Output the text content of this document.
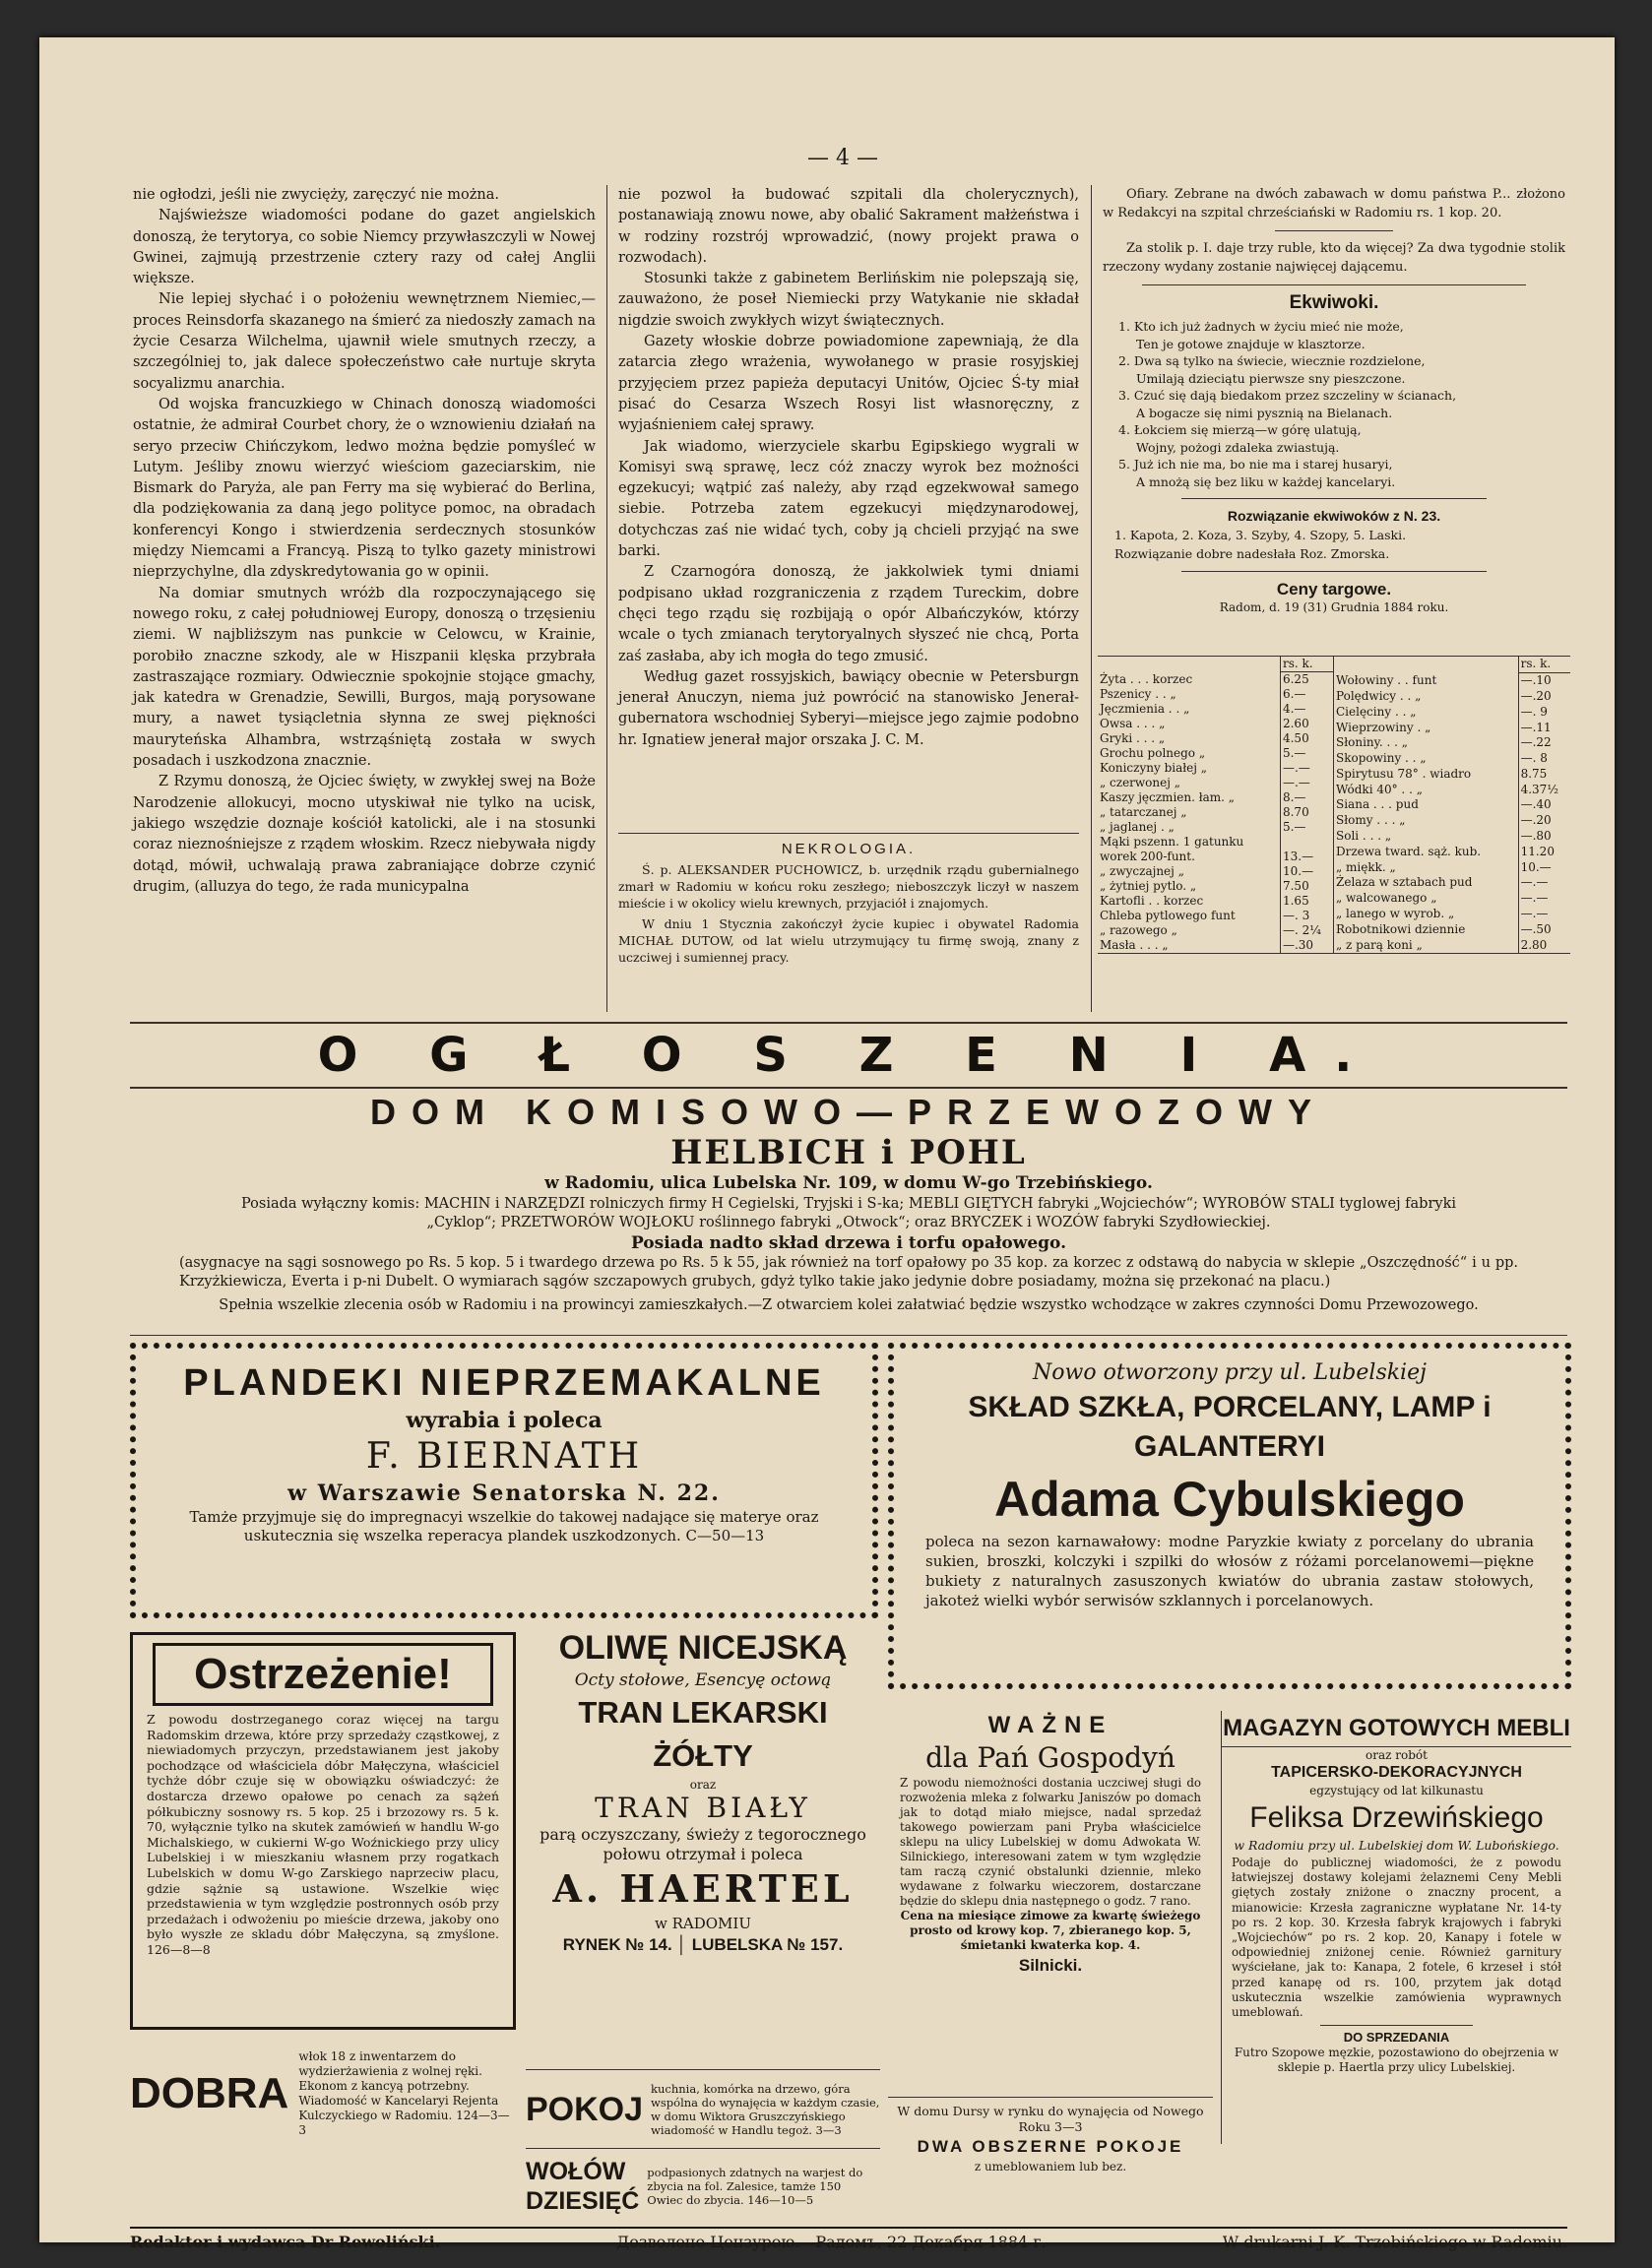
— 4 —

nie ogłodzi, jeśli nie zwycięży, zaręczyć nie można.

Najświeższe wiadomości podane do gazet angielskich donoszą, że terytorya, co sobie Niemcy przywłaszczyli w Nowej Gwinei, zajmują przestrzenie cztery razy od całej Anglii większe.

Nie lepiej słychać i o położeniu wewnętrznem Niemiec,—proces Reinsdorfa skazanego na śmierć za niedoszły zamach na życie Cesarza Wilchelma, ujawnił wiele smutnych rzeczy, a szczególniej to, jak dalece społeczeństwo całe nurtuje skryta socyalizmu anarchia.

Od wojska francuzkiego w Chinach donoszą wiadomości ostatnie, że admirał Courbet chory, że o wznowieniu działań na seryo przeciw Chińczykom, ledwo można będzie pomyśleć w Lutym. Jeśliby znowu wierzyć wieściom gazeciarskim, nie Bismark do Paryża, ale pan Ferry ma się wybierać do Berlina, dla podziękowania za daną jego polityce pomoc, na obradach konferencyi Kongo i stwierdzenia serdecznych stosunków między Niemcami a Francyą. Piszą to tylko gazety ministrowi nieprzychylne, dla zdyskredytowania go w opinii.

Na domiar smutnych wróżb dla rozpoczynającego się nowego roku, z całej południowej Europy, donoszą o trzęsieniu ziemi. W najbliższym nas punkcie w Celowcu, w Krainie, porobiło znaczne szkody, ale w Hiszpanii klęska przybrała zastraszające rozmiary. Odwiecznie spokojnie stojące gmachy, jak katedra w Grenadzie, Sewilli, Burgos, mają porysowane mury, a nawet tysiącletnia słynna ze swej piękności mauryteńska Alhambra, wstrząśniętą została w swych posadach i uszkodzona znacznie.

Z Rzymu donoszą, że Ojciec święty, w zwykłej swej na Boże Narodzenie allokucyi, mocno utyskiwał nie tylko na ucisk, jakiego wszędzie doznaje kościół katolicki, ale i na stosunki coraz nieznośniejsze z rządem włoskim. Rzecz niebywała nigdy dotąd, mówił, uchwalają prawa zabraniające dobrze czynić drugim, (alluzya do tego, że rada municypalna

nie pozwol ła budować szpitali dla cholerycznych), postanawiają znowu nowe, aby obalić Sakrament małżeństwa i w rodziny rozstrój wprowadzić, (nowy projekt prawa o rozwodach).

Stosunki także z gabinetem Berlińskim nie polepszają się, zauważono, że poseł Niemiecki przy Watykanie nie składał nigdzie swoich zwykłych wizyt świątecznych.

Gazety włoskie dobrze powiadomione zapewniają, że dla zatarcia złego wrażenia, wywołanego w prasie rosyjskiej przyjęciem przez papieża deputacyi Unitów, Ojciec Ś-ty miał pisać do Cesarza Wszech Rosyi list własnoręczny, z wyjaśnieniem całej sprawy.

Jak wiadomo, wierzyciele skarbu Egipskiego wygrali w Komisyi swą sprawę, lecz cóż znaczy wyrok bez możności egzekucyi; wątpić zaś należy, aby rząd egzekwował samego siebie. Potrzeba zatem egzekucyi międzynarodowej, dotychczas zaś nie widać tych, coby ją chcieli przyjąć na swe barki.

Z Czarnogóra donoszą, że jakkolwiek tymi dniami podpisano układ rozgraniczenia z rządem Tureckim, dobre chęci tego rządu się rozbijają o opór Albańczyków, którzy wcale o tych zmianach terytoryalnych słyszeć nie chcą, Porta zaś zasłaba, aby ich mogła do tego zmusić.

Według gazet rossyjskich, bawiący obecnie w Petersburgn jenerał Anuczyn, niema już powrócić na stanowisko Jenerał-gubernatora wschodniej Syberyi—miejsce jego zajmie podobno hr. Ignatiew jenerał major orszaka J. C. M.

NEKROLOGIA.
Ś. p. ALEKSANDER PUCHOWICZ, b. urzędnik rządu gubernialnego zmarł w Radomiu w końcu roku zeszłego; nieboszczyk liczył w naszem mieście i w okolicy wielu krewnych, przyjaciół i znajomych.
W dniu 1 Stycznia zakończył życie kupiec i obywatel Radomia MICHAŁ DUTOW, od lat wielu utrzymujący tu firmę swoją, znany z uczciwej i sumiennej pracy.
Ofiary. Zebrane na dwóch zabawach w domu państwa P... złożono w Redakcyi na szpital chrześciański w Radomiu rs. 1 kop. 20.
Za stolik p. I. daje trzy ruble, kto da więcej? Za dwa tygodnie stolik rzeczony wydany zostanie najwięcej dającemu.
Ekwiwoki.
1. Kto ich już żadnych w życiu mieć nie może,
Ten je gotowe znajduje w klasztorze.
2. Dwa są tylko na świecie, wiecznie rozdzielone,
Umilają dzieciątu pierwsze sny pieszczone.
3. Czuć się dają biedakom przez szczeliny w ścianach,
A bogacze się nimi pysznią na Bielanach.
4. Łokciem się mierzą—w górę ulatują,
Wojny, pożogi zdaleka zwiastują.
5. Już ich nie ma, bo nie ma i starej husaryi,
A mnożą się bez liku w każdej kancelaryi.
Rozwiązanie ekwiwoków z N. 23.
1. Kapota, 2. Koza, 3. Szyby, 4. Szopy, 5. Laski.
Rozwiązanie dobre nadesłała Roz. Zmorska.
Ceny targowe.
Radom, d. 19 (31) Grudnia 1884 roku.
	rs. k.
Żyta . . . korzec	6.25
Pszenicy . . „	6.—
Jęczmienia . . „	4.—
Owsa . . . „	2.60
Gryki . . . „	4.50
Grochu polnego „	5.—
Koniczyny białej „	—.—
„ czerwonej „	—.—
Kaszy jęczmien. łam. „	8.—
„ tatarczanej „	8.70
„ jaglanej . „	5.—
Mąki pszenn. 1 gatunku	
worek 200-funt.	13.—
„ zwyczajnej „	10.—
„ żytniej pytlo. „	7.50
Kartofli . . korzec	1.65
Chleba pytlowego funt	—. 3
„ razowego „	—. 2¼
Masła . . . „	—.30
	rs. k.
Wołowiny . . funt	—.10
Polędwicy . . „	—.20
Cielęciny . . „	—. 9
Wieprzowiny . „	—.11
Słoniny. . . „	—.22
Skopowiny . . „	—. 8
Spirytusu 78° . wiadro	8.75
Wódki 40° . . „	4.37½
Siana . . . pud	—.40
Słomy . . . „	—.20
Soli . . . „	—.80
Drzewa tward. sąż. kub.	11.20
„ miękk. „	10.—
Żelaza w sztabach pud	—.—
„ walcowanego „	—.—
„ lanego w wyrob. „	—.—
Robotnikowi dziennie	—.50
„ z parą koni „	2.80
O G Ł O S Z E N I A.
DOM KOMISOWO—PRZEWOZOWY
HELBICH i POHL
w Radomiu, ulica Lubelska Nr. 109, w domu W-go Trzebińskiego.
Posiada wyłączny komis: MACHIN i NARZĘDZI rolniczych firmy H Cegielski, Tryjski i S-ka; MEBLI GIĘTYCH fabryki „Wojciechów“; WYROBÓW STALI tyglowej fabryki „Cyklop“; PRZETWORÓW WOJŁOKU roślinnego fabryki „Otwock“; oraz BRYCZEK i WOZÓW fabryki Szydłowieckiej.
Posiada nadto skład drzewa i torfu opałowego.
(asygnacye na sągi sosnowego po Rs. 5 kop. 5 i twardego drzewa po Rs. 5 k 55, jak również na torf opałowy po 35 kop. za korzec z odstawą do nabycia w sklepie „Oszczędność“ i u pp. Krzyżkiewicza, Everta i p-ni Dubelt. O wymiarach sągów szczapowych grubych, gdyż tylko takie jako jedynie dobre posiadamy, można się przekonać na placu.)
Spełnia wszelkie zlecenia osób w Radomiu i na prowincyi zamieszkałych.—Z otwarciem kolei załatwiać będzie wszystko wchodzące w zakres czynności Domu Przewozowego.
PLANDEKI NIEPRZEMAKALNE
wyrabia i poleca
F. BIERNATH
w Warszawie Senatorska N. 22.
Tamże przyjmuje się do impregnacyi wszelkie do takowej nadające się materye oraz uskutecznia się wszelka reperacya plandek uszkodzonych. C—50—13
Nowo otworzony przy ul. Lubelskiej
SKŁAD SZKŁA, PORCELANY, LAMP i GALANTERYI
Adama Cybulskiego
poleca na sezon karnawałowy: modne Paryzkie kwiaty z porcelany do ubrania sukien, broszki, kolczyki i szpilki do włosów z różami porcelanowemi—piękne bukiety z naturalnych zasuszonych kwiatów do ubrania zastaw stołowych, jakoteż wielki wybór serwisów szklannych i porcelanowych.
Ostrzeżenie!
Z powodu dostrzeganego coraz więcej na targu Radomskim drzewa, które przy sprzedaży cząstkowej, z niewiadomych przyczyn, przedstawianem jest jakoby pochodzące od właściciela dóbr Małęczyna, właściciel tychże dóbr czuje się w obowiązku oświadczyć: że dostarcza drzewo opałowe po cenach za sążeń półkubiczny sosnowy rs. 5 kop. 25 i brzozowy rs. 5 k. 70, wyłącznie tylko na skutek zamówień w handlu W-go Michalskiego, w cukierni W-go Woźnickiego przy ulicy Lubelskiej i w mieszkaniu własnem przy rogatkach Lubelskich w domu W-go Zarskiego naprzeciw placu, gdzie sążnie są ustawione. Wszelkie więc przedstawienia w tym względzie postronnych osób przy przedażach i odwożeniu po mieście drzewa, jakoby ono było wyszłe ze skladu dóbr Małęczyna, są zmyślone. 126—8—8
OLIWĘ NICEJSKĄ
Octy stołowe, Esencyę octową
TRAN LEKARSKI ŻÓŁTY
oraz
TRAN BIAŁY
parą oczyszczany, świeży z tegorocznego połowu otrzymał i poleca
A. HAERTEL
w RADOMIU
RYNEK № 14. │ LUBELSKA № 157.
WAŻNE
dla Pań Gospodyń
Z powodu niemożności dostania uczciwej sługi do rozwożenia mleka z folwarku Janiszów po domach jak to dotąd miało miejsce, nadal sprzedaż takowego powierzam pani Pryba właścicielce sklepu na ulicy Lubelskiej w domu Adwokata W. Silnickiego, interesowani zatem w tym względzie tam raczą czynić obstalunki dziennie, mleko wydawane z folwarku wieczorem, dostarczane będzie do sklepu dnia następnego o godz. 7 rano.
Cena na miesiące zimowe za kwartę świeżego prosto od krowy kop. 7, zbieranego kop. 5, śmietanki kwaterka kop. 4.
Silnicki.
MAGAZYN GOTOWYCH MEBLI
oraz robót
TAPICERSKO-DEKORACYJNYCH
egzystujący od lat kilkunastu
Feliksa Drzewińskiego
w Radomiu przy ul. Lubelskiej dom W. Lubońskiego.
Podaje do publicznej wiadomości, że z powodu łatwiejszej dostawy kolejami żelaznemi Ceny Mebli giętych zostały zniżone o znaczny procent, a mianowicie: Krzesła zagraniczne wypłatane Nr. 14-ty po rs. 2 kop. 30. Krzesła fabryk krajowych i fabryki „Wojciechów“ po rs. 2 kop. 20, Kanapy i fotele w odpowiedniej zniżonej cenie. Również garnitury wyściełane, jak to: Kanapa, 2 fotele, 6 krzeseł i stół przed kanapę od rs. 100, przytem jak dotąd uskutecznia wszelkie zamówienia wyprawnych umeblowań.
DO SPRZEDANIA
Futro Szopowe męzkie, pozostawiono do obejrzenia w sklepie p. Haertla przy ulicy Lubelskiej.
POKOJ
kuchnia, komórka na drzewo, góra wspólna do wynajęcia w każdym czasie, w domu Wiktora Gruszczyńskiego wiadomość w Handlu tegoż. 3—3
DOBRA
włok 18 z inwentarzem do wydzierżawienia z wolnej ręki. Ekonom z kancyą potrzebny. Wiadomość w Kancelaryi Rejenta Kulczyckiego w Radomiu. 124—3—3
W domu Dursy w rynku do wynajęcia od Nowego Roku 3—3
DWA OBSZERNE POKOJE
z umeblowaniem lub bez.
WOŁÓW DZIESIĘĆ
podpasionych zdatnych na warjest do zbycia na fol. Zalesice, tamże 150 Owiec do zbycia. 146—10—5
Redaktor i wydawca Dr Rewoliński.	Дозволено Цензурою.—Радомъ, 22 Декабря 1884 г.	W drukarni J. K. Trzebińskiego w Radomiu.
